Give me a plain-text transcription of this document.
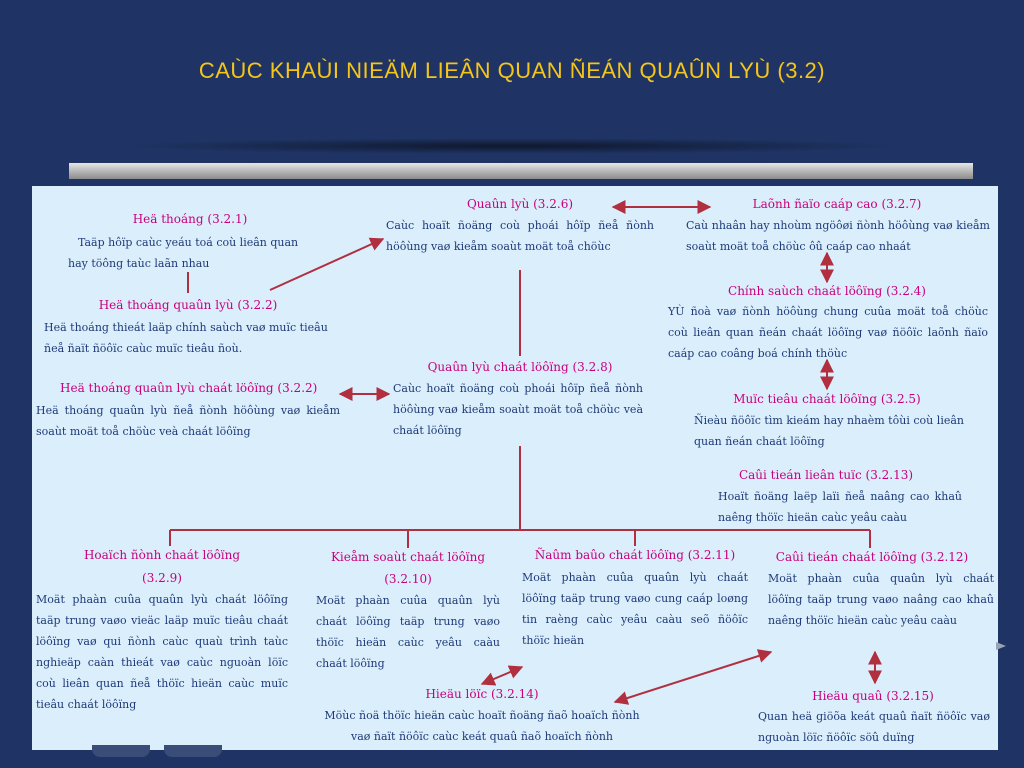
CAÙC KHAÙI NIEÄM LIEÂN QUAN ÑEÁN QUAÛN LYÙ (3.2)
Heä thoáng (3.2.1)
Taäp hôïp caùc yeáu toá coù lieân quan hay töông taùc laãn nhau
Heä thoáng quaûn lyù (3.2.2)
Heä thoáng thieát laäp chính saùch vaø muïc tieâu ñeå ñaït ñöôïc caùc muïc tieâu ñoù.
Heä thoáng quaûn lyù chaát löôïng (3.2.2)
Heä thoáng quaûn lyù ñeå ñònh höôùng vaø kieåm soaùt moät toå chöùc veà chaát löôïng
Quaûn lyù (3.2.6)
Caùc hoaït ñoäng coù phoái hôïp ñeå ñònh höôùng vaø kieåm soaùt moät toå chöùc
Laõnh ñaïo caáp cao (3.2.7)
Caù nhaân hay nhoùm ngöôøi ñònh höôùng vaø kieåm soaùt moät toå chöùc ôû caáp cao nhaát
Chính saùch chaát löôïng (3.2.4)
YÙ ñoà vaø ñònh höôùng chung cuûa moät toå chöùc coù lieân quan ñeán chaát löôïng vaø ñöôïc laõnh ñaïo caáp cao coâng boá chính thöùc
Quaûn lyù chaát löôïng (3.2.8)
Caùc hoaït ñoäng coù phoái hôïp ñeå ñònh höôùng vaø kieåm soaùt moät toå chöùc veà chaát löôïng
Muïc tieâu chaát löôïng (3.2.5)
Ñieàu ñöôïc tìm kieám hay nhaèm tôùi coù lieân quan ñeán chaát löôïng
Caûi tieán lieân tuïc (3.2.13)
Hoaït ñoäng laëp laïi ñeå naâng cao khaû naêng thöïc hieän caùc yeâu caàu
Hoaïch ñònh chaát löôïng
(3.2.9)
Moät phaàn cuûa quaûn lyù chaát löôïng taäp trung vaøo vieäc laäp muïc tieâu chaát löôïng vaø qui ñònh caùc quaù trình taùc nghieäp caàn thieát vaø caùc nguoàn löïc coù lieân quan ñeå thöïc hieän caùc muïc tieâu chaát löôïng
Kieåm soaùt chaát löôïng
(3.2.10)
Moät phaàn cuûa quaûn lyù chaát löôïng taäp trung vaøo thöïc hieän caùc yeâu caàu chaát löôïng
Ñaûm baûo chaát löôïng (3.2.11)
Moät phaàn cuûa quaûn lyù chaát löôïng taäp trung vaøo cung caáp loøng tin raèng caùc yeâu caàu seõ ñöôïc thöïc hieän
Caûi tieán chaát löôïng (3.2.12)
Moät phaàn cuûa quaûn lyù chaát löôïng taäp trung vaøo naâng cao khaû naêng thöïc hieän caùc yeâu caàu
Hieäu löïc (3.2.14)
Möùc ñoä thöïc hieän caùc hoaït ñoäng ñaõ hoaïch ñònh vaø ñaït ñöôïc caùc keát quaû ñaõ hoaïch ñònh
Hieäu quaû (3.2.15)
Quan heä giöõa keát quaû ñaït ñöôïc vaø nguoàn löïc ñöôïc söû duïng
